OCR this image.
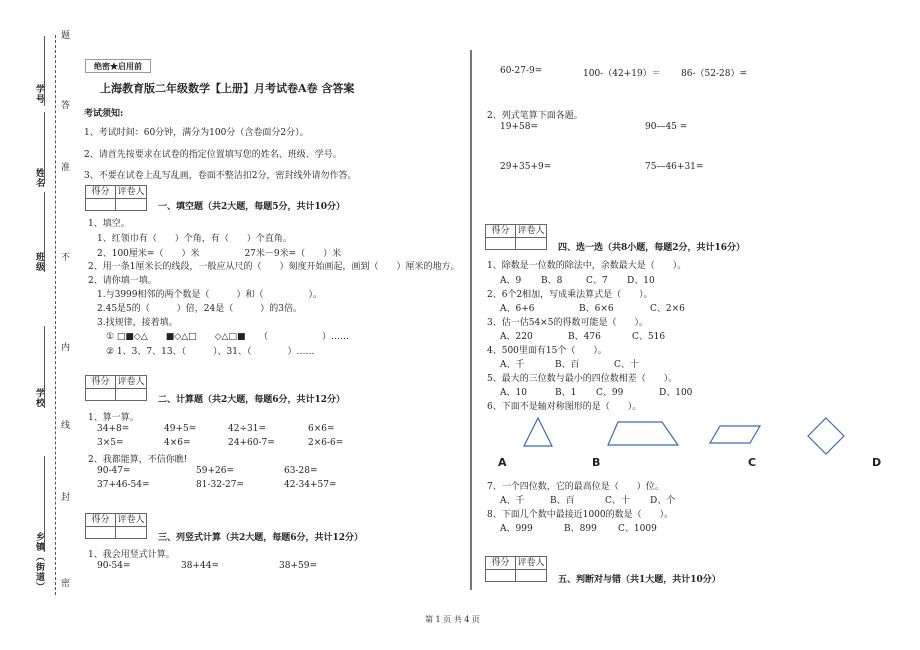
题
答
准
不
内
线
封
密
学号
姓名
班级
学校
乡镇（街道）
绝密★启用前
上海教育版二年级数学【上册】月考试卷A卷 含答案
考试须知:
1、考试时间：60分钟，满分为100分（含卷面分2分）。
2、请首先按要求在试卷的指定位置填写您的姓名、班级、学号。
3、不要在试卷上乱写乱画，卷面不整洁扣2分，密封线外请勿作答。
得分 评卷人
一、填空题（共2大题，每题5分，共计10分）
1、填空。
1、红领巾有（　　）个角，有（　　）个直角。
2、100厘米=（　　）米　　　　　27米－9米=（　　）米
2、用一条1厘米长的线段，一般应从尺的（　　）刻度开始画起，画到（　　）厘米的地方。
2、请你填一填。
1.与3999相邻的两个数是（　　　）和（　　　　　）。
2.45是5的（　　　）倍，24是（　　　）的3倍。
3.找规律，接着填。
① □■◇△　　■◇△□　　◇△□■　　（　　　　　　）……
② 1、3、7、13、（　　　）、31、（　　　　）……
得分 评卷人
二、计算题（共2大题，每题6分，共计12分）
1、算一算。
34+8=	49+5=	42÷31=	6×6=
3×5=	4×6=	24+60-7=	2×6-6=
2、我都能算，不信你瞧!
90-47=	59+26=	63-28=
37+46-54=	81-32-27=	42-34+57=
得分 评卷人
三、列竖式计算（共2大题，每题6分，共计12分）
1、我会用竖式计算。
90-54=	38+44=	38+59=
60-27-9=	100-（42+19）＝ 86-（52-28）=
2、列式笔算下面各题。
19+58=	90—45 =
29+35+9=	75—46+31=
得分 评卷人
四、选一选（共8小题，每题2分，共计16分）
1、除数是一位数的除法中，余数最大是（　　）。
A、9 B、8	C、7 D、10
2、6个2相加，写成乘法算式是（　　）。
A、6+6	B、6×6	C、2×6
3、估一估54×5的得数可能是（　　）。
A、220	B、476	C、516
4、500里面有15个（　　）。
A、千	B、百	C、十
5、最大的三位数与最小的四位数相差（　　）。
A、10	B、1 C、99	D、100
6、下面不是轴对称图形的是（　　）。
A	B	C	D
7、一个四位数，它的最高位是（　　）位。
A、千	B、百	C、十 D、个
8、下面几个数中最接近1000的数是（　　）。
A、999	B、899 C、1009
得分 评卷人
五、判断对与错（共1大题，共计10分）
第 1 页 共 4 页
